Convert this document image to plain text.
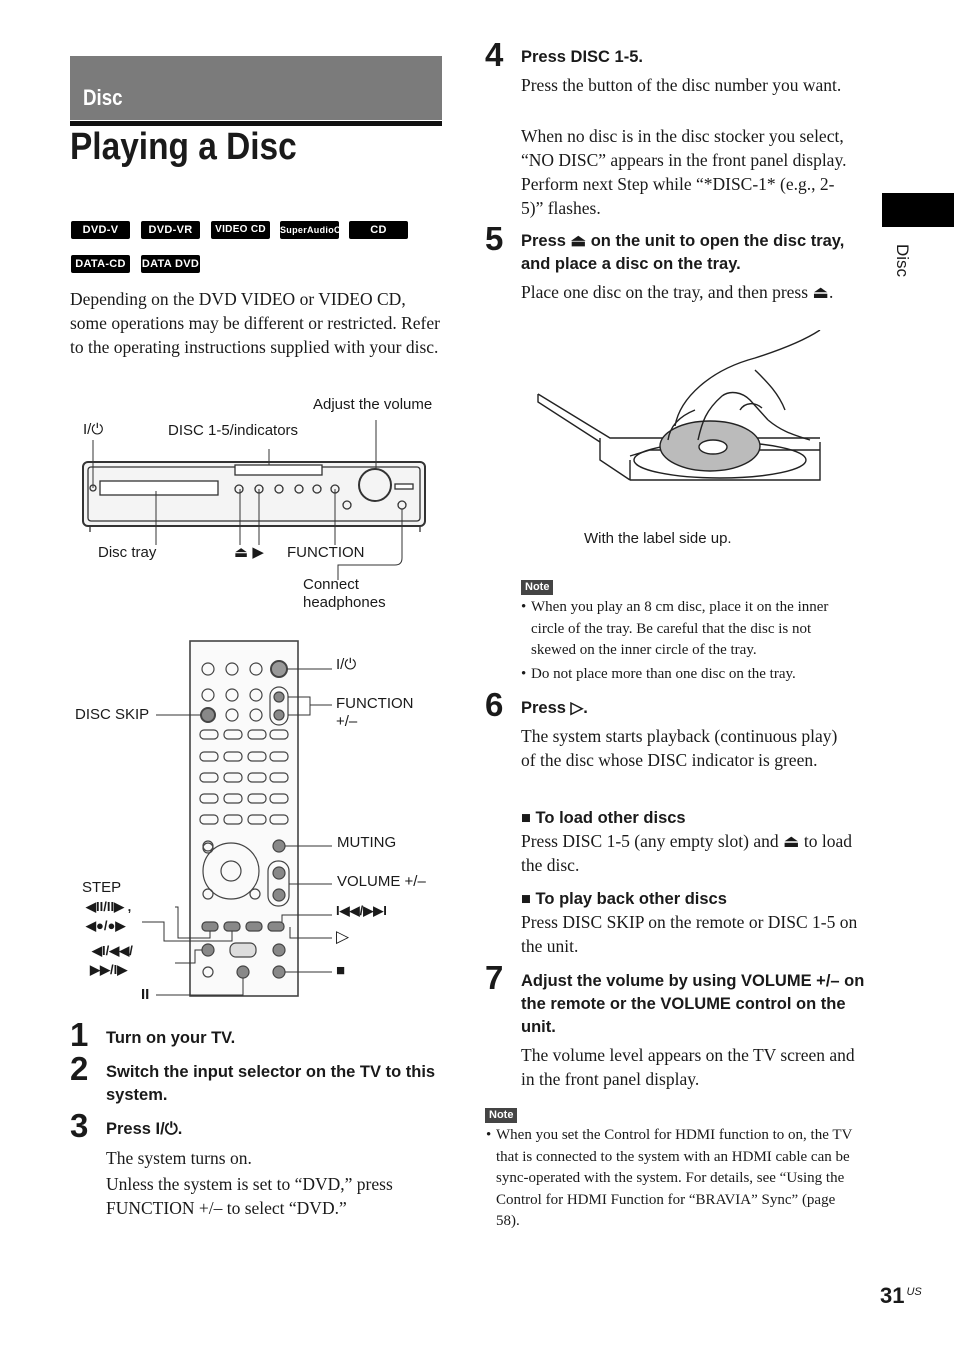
Disc
Playing a Disc
DVD-V	DVD-VR	VIDEO CD	SuperAudioCD	CD
DATA-CD	DATA DVD
Depending on the DVD VIDEO or VIDEO CD, some operations may be different or restricted. Refer to the operating instructions supplied with your disc.
I/⏻	DISC 1-5/indicators
Adjust the volume
Disc tray	⏏ ▶ FUNCTION
Connect
headphones
I/⏻
FUNCTION
+/–
DISC SKIP
MUTING
VOLUME +/–
STEP
◀II/II▶ ,
◀●/●▶
I◀◀/▶▶I
▷
◀I/◀◀/
▶▶/I▶	■
II
1 Turn on your TV.
2 Switch the input selector on the TV to this system.
3 Press I/⏻.
The system turns on.
Unless the system is set to “DVD,” press FUNCTION +/– to select “DVD.”
4 Press DISC 1-5.
Press the button of the disc number you want.
When no disc is in the disc stocker you select, “NO DISC” appears in the front panel display. Perform next Step while “*DISC-1* (e.g., 2-5)” flashes.
5 Press ⏏ on the unit to open the disc tray, and place a disc on the tray.
Place one disc on the tray, and then press ⏏.
With the label side up.
Note
• When you play an 8 cm disc, place it on the inner circle of the tray. Be careful that the disc is not skewed on the inner circle of the tray.
• Do not place more than one disc on the tray.
6 Press ▷.
The system starts playback (continuous play) of the disc whose DISC indicator is green.
■ To load other discs
Press DISC 1-5 (any empty slot) and ⏏ to load the disc.
■ To play back other discs
Press DISC SKIP on the remote or DISC 1-5 on the unit.
7 Adjust the volume by using VOLUME +/– on the remote or the VOLUME control on the unit.
The volume level appears on the TV screen and in the front panel display.
Note
• When you set the Control for HDMI function to on, the TV that is connected to the system with an HDMI cable can be sync-operated with the system. For details, see “Using the Control for HDMI Function for “BRAVIA” Sync” (page 58).
Disc
31 $^{US}$
